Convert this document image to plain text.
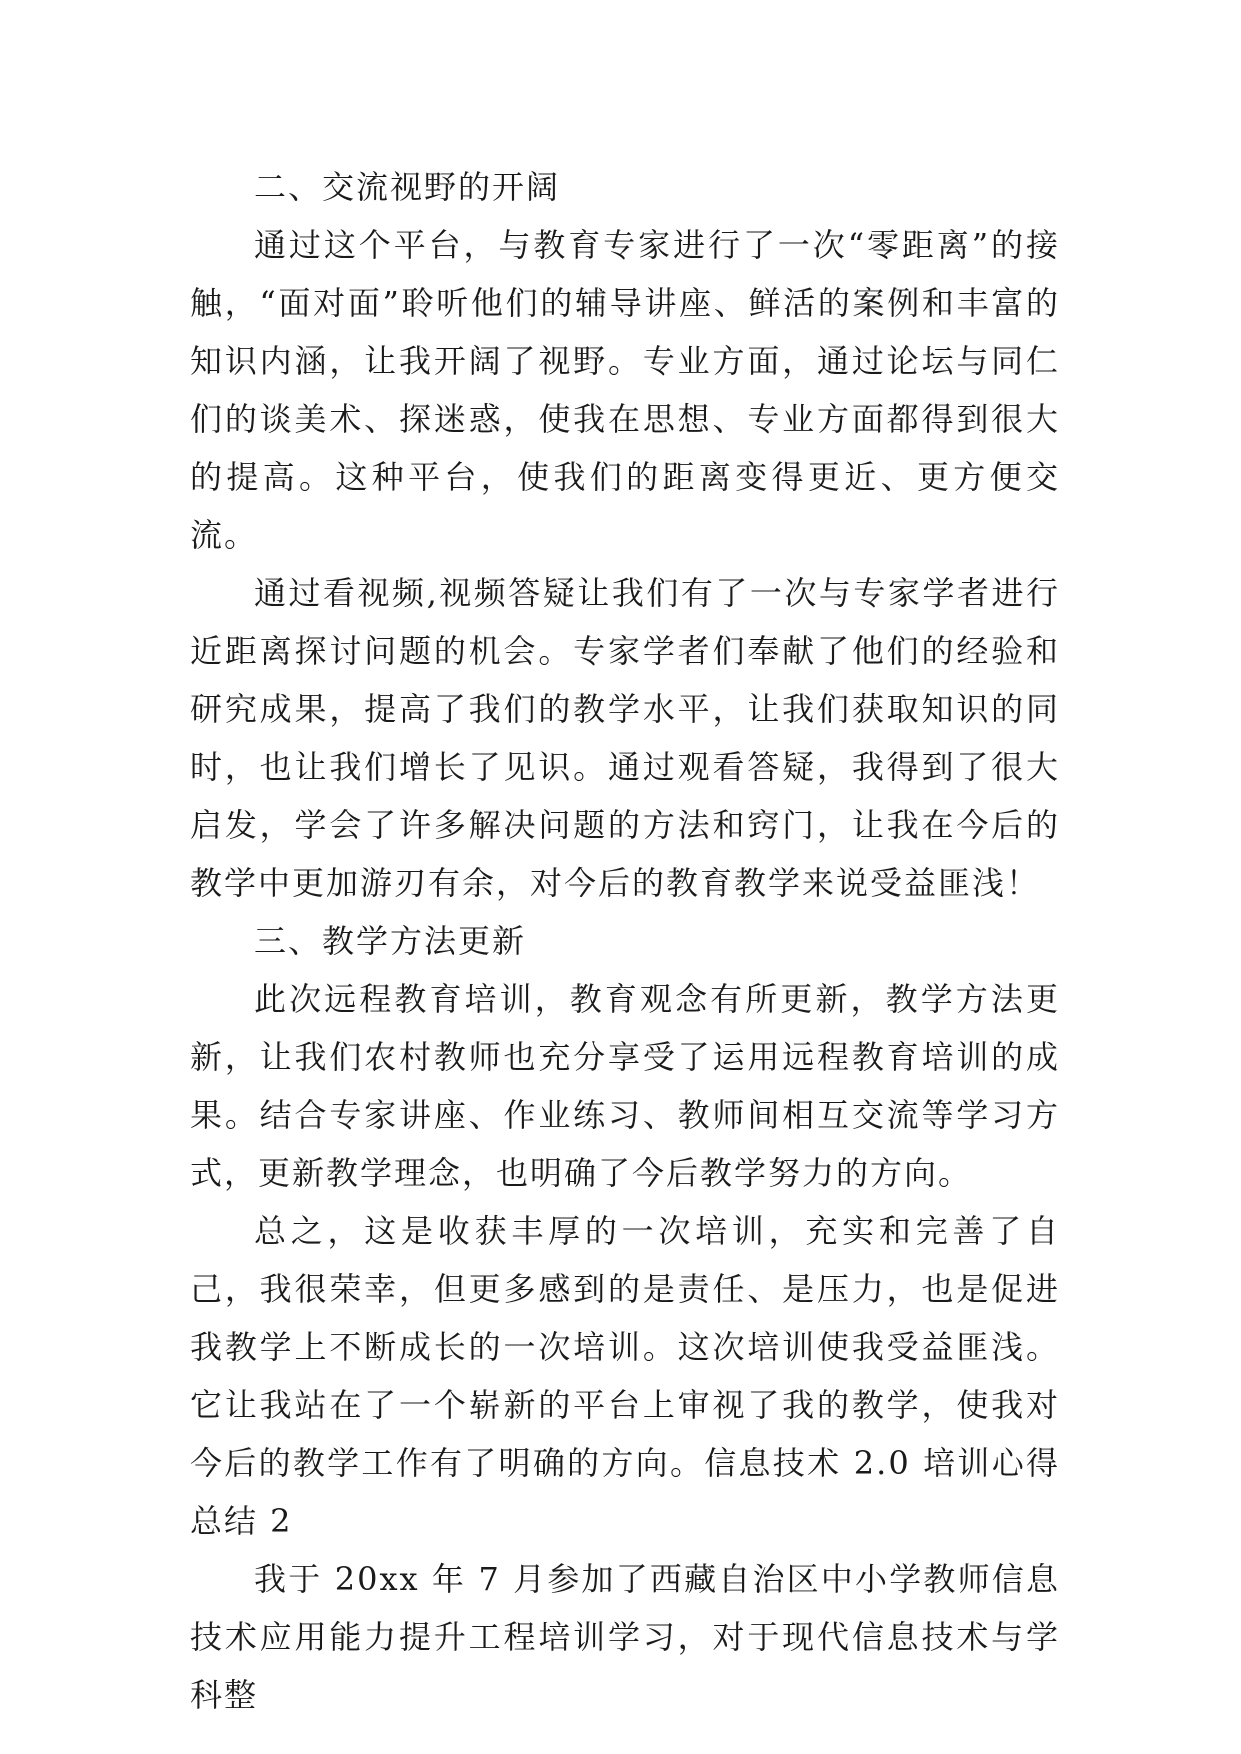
二、交流视野的开阔

通过这个平台，与教育专家进行了一次“零距离”的接触，“面对面”聆听他们的辅导讲座、鲜活的案例和丰富的知识内涵，让我开阔了视野。专业方面，通过论坛与同仁们的谈美术、探迷惑，使我在思想、专业方面都得到很大的提高。这种平台，使我们的距离变得更近、更方便交流。

通过看视频,视频答疑让我们有了一次与专家学者进行近距离探讨问题的机会。专家学者们奉献了他们的经验和研究成果，提高了我们的教学水平，让我们获取知识的同时，也让我们增长了见识。通过观看答疑，我得到了很大启发，学会了许多解决问题的方法和窍门，让我在今后的教学中更加游刃有余，对今后的教育教学来说受益匪浅！

三、教学方法更新

此次远程教育培训，教育观念有所更新，教学方法更新，让我们农村教师也充分享受了运用远程教育培训的成果。结合专家讲座、作业练习、教师间相互交流等学习方式，更新教学理念，也明确了今后教学努力的方向。

总之，这是收获丰厚的一次培训，充实和完善了自己，我很荣幸，但更多感到的是责任、是压力，也是促进我教学上不断成长的一次培训。这次培训使我受益匪浅。它让我站在了一个崭新的平台上审视了我的教学，使我对今后的教学工作有了明确的方向。信息技术 2.0 培训心得总结 2

我于 20xx 年 7 月参加了西藏自治区中小学教师信息技术应用能力提升工程培训学习，对于现代信息技术与学科整
